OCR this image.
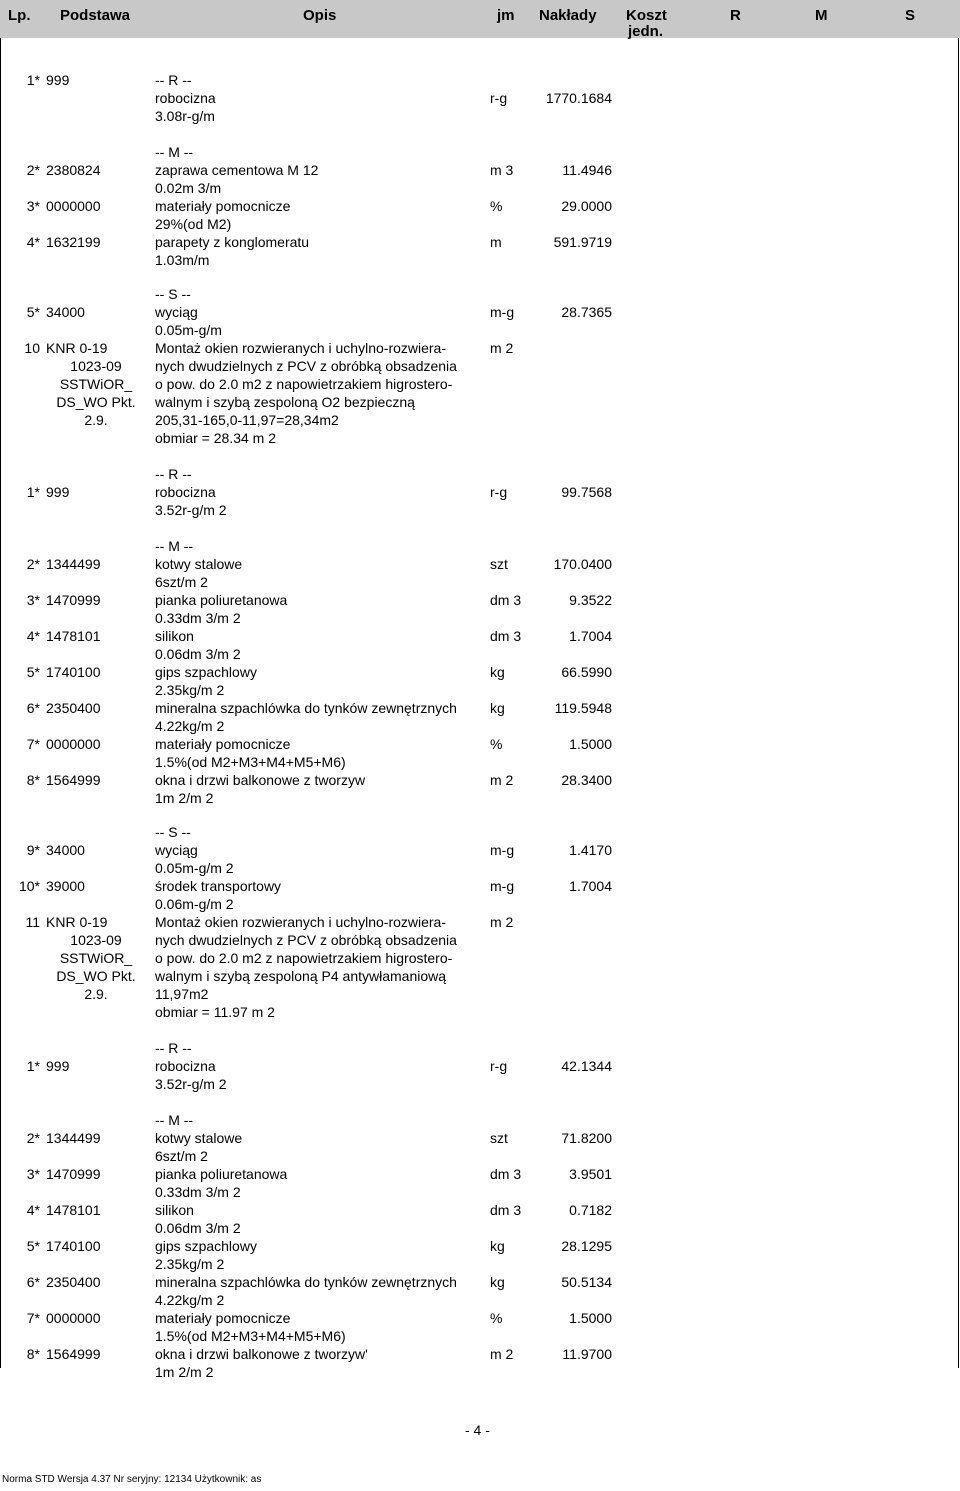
Lp. Podstawa	Opis	jm Nakłady Koszt
jedn.
R	M	S
1* 999	-- R --
robocizna	r-g	1770.1684
3.08r-g/m
-- M --
2* 2380824	zaprawa cementowa M 12	m 3	11.4946
0.02m 3/m
3* 0000000	materiały pomocnicze	%	29.0000
29%(od M2)
4* 1632199	parapety z konglomeratu	m	591.9719
1.03m/m
-- S --
5* 34000	wyciąg	m-g	28.7365
0.05m-g/m
10 KNR 0-19	Montaż okien rozwieranych i uchylno-rozwiera-	m 2
1023-09	nych dwudzielnych z PCV z obróbką obsadzenia
SSTWiOR_	o pow. do 2.0 m2 z napowietrzakiem higrostero-
DS_WO Pkt.	walnym i szybą zespoloną O2 bezpieczną
2.9.	205,31-165,0-11,97=28,34m2
obmiar = 28.34 m 2
-- R --
1* 999	robocizna	r-g	99.7568
3.52r-g/m 2
-- M --
2* 1344499	kotwy stalowe	szt	170.0400
6szt/m 2
3* 1470999	pianka poliuretanowa	dm 3	9.3522
0.33dm 3/m 2
4* 1478101	silikon	dm 3	1.7004
0.06dm 3/m 2
5* 1740100	gips szpachlowy	kg	66.5990
2.35kg/m 2
6* 2350400	mineralna szpachlówka do tynków zewnętrznych	kg	119.5948
4.22kg/m 2
7* 0000000	materiały pomocnicze	%	1.5000
1.5%(od M2+M3+M4+M5+M6)
8* 1564999	okna i drzwi balkonowe z tworzyw	m 2	28.3400
1m 2/m 2
-- S --
9* 34000	wyciąg	m-g	1.4170
0.05m-g/m 2
10* 39000	środek transportowy	m-g	1.7004
0.06m-g/m 2
11 KNR 0-19	Montaż okien rozwieranych i uchylno-rozwiera-	m 2
1023-09	nych dwudzielnych z PCV z obróbką obsadzenia
SSTWiOR_	o pow. do 2.0 m2 z napowietrzakiem higrostero-
DS_WO Pkt.	walnym i szybą zespoloną P4 antywłamaniową
2.9.	11,97m2
obmiar = 11.97 m 2
-- R --
1* 999	robocizna	r-g	42.1344
3.52r-g/m 2
-- M --
2* 1344499	kotwy stalowe	szt	71.8200
6szt/m 2
3* 1470999	pianka poliuretanowa	dm 3	3.9501
0.33dm 3/m 2
4* 1478101	silikon	dm 3	0.7182
0.06dm 3/m 2
5* 1740100	gips szpachlowy	kg	28.1295
2.35kg/m 2
6* 2350400	mineralna szpachlówka do tynków zewnętrznych	kg	50.5134
4.22kg/m 2
7* 0000000	materiały pomocnicze	%	1.5000
1.5%(od M2+M3+M4+M5+M6)
8* 1564999	okna i drzwi balkonowe z tworzyw'	m 2	11.9700
1m 2/m 2
- 4 -
Norma STD Wersja 4.37 Nr seryjny: 12134 Użytkownik: as
